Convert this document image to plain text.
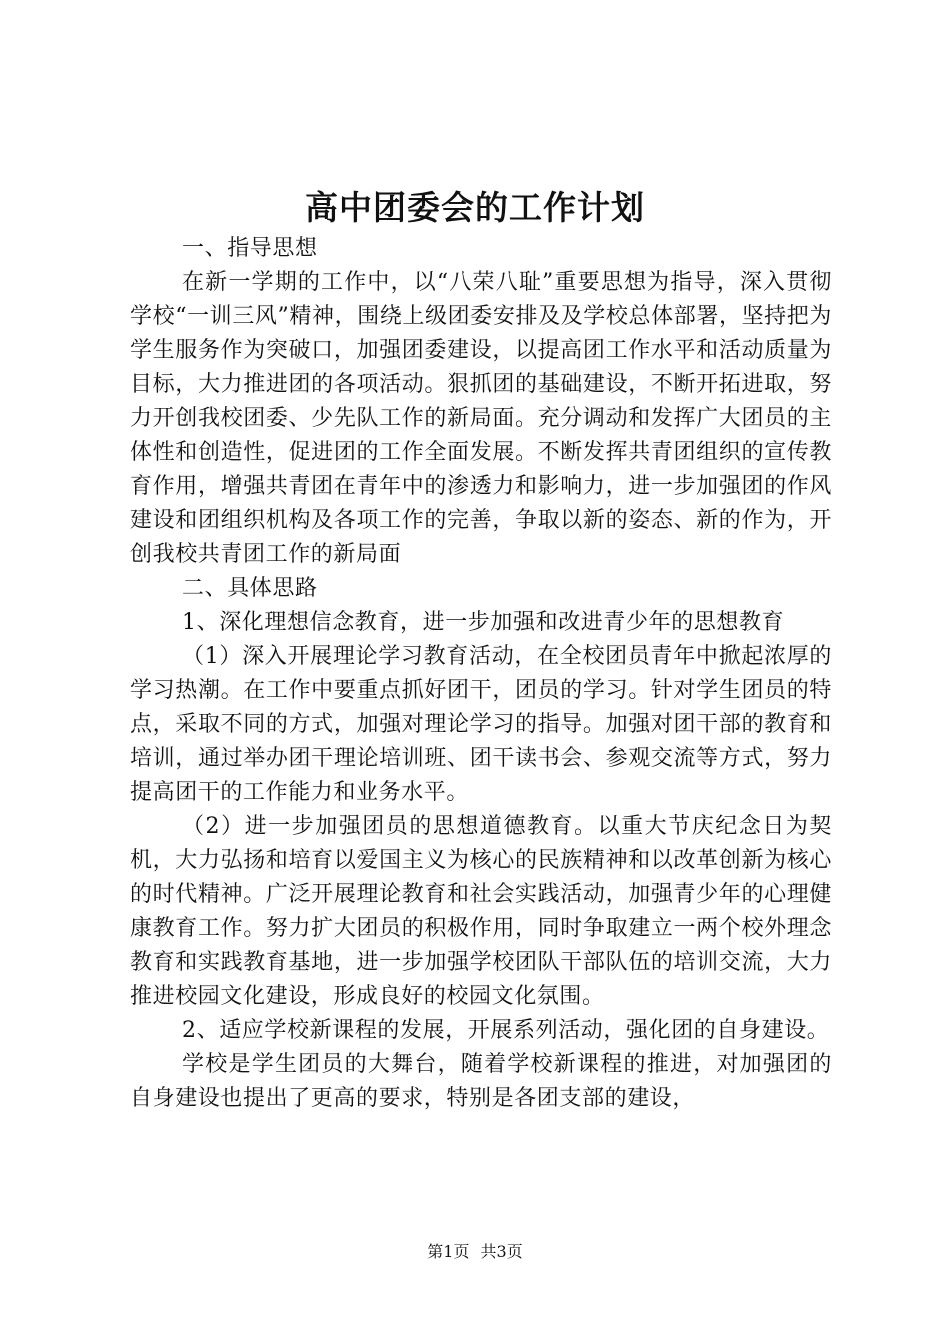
高中团委会的工作计划

一、指导思想

在新一学期的工作中，以“八荣八耻”重要思想为指导，深入贯彻学校“一训三风”精神，围绕上级团委安排及及学校总体部署，坚持把为学生服务作为突破口，加强团委建设，以提高团工作水平和活动质量为目标，大力推进团的各项活动。狠抓团的基础建设，不断开拓进取，努力开创我校团委、少先队工作的新局面。充分调动和发挥广大团员的主体性和创造性，促进团的工作全面发展。不断发挥共青团组织的宣传教育作用，增强共青团在青年中的渗透力和影响力，进一步加强团的作风建设和团组织机构及各项工作的完善，争取以新的姿态、新的作为，开创我校共青团工作的新局面

二、具体思路

1、深化理想信念教育，进一步加强和改进青少年的思想教育

（1）深入开展理论学习教育活动，在全校团员青年中掀起浓厚的学习热潮。在工作中要重点抓好团干，团员的学习。针对学生团员的特点，采取不同的方式，加强对理论学习的指导。加强对团干部的教育和培训，通过举办团干理论培训班、团干读书会、参观交流等方式，努力提高团干的工作能力和业务水平。

（2）进一步加强团员的思想道德教育。以重大节庆纪念日为契机，大力弘扬和培育以爱国主义为核心的民族精神和以改革创新为核心的时代精神。广泛开展理论教育和社会实践活动，加强青少年的心理健康教育工作。努力扩大团员的积极作用，同时争取建立一两个校外理念教育和实践教育基地，进一步加强学校团队干部队伍的培训交流，大力推进校园文化建设，形成良好的校园文化氛围。

2、适应学校新课程的发展，开展系列活动，强化团的自身建设。

学校是学生团员的大舞台，随着学校新课程的推进，对加强团的自身建设也提出了更高的要求，特别是各团支部的建设，

第1页 共3页
